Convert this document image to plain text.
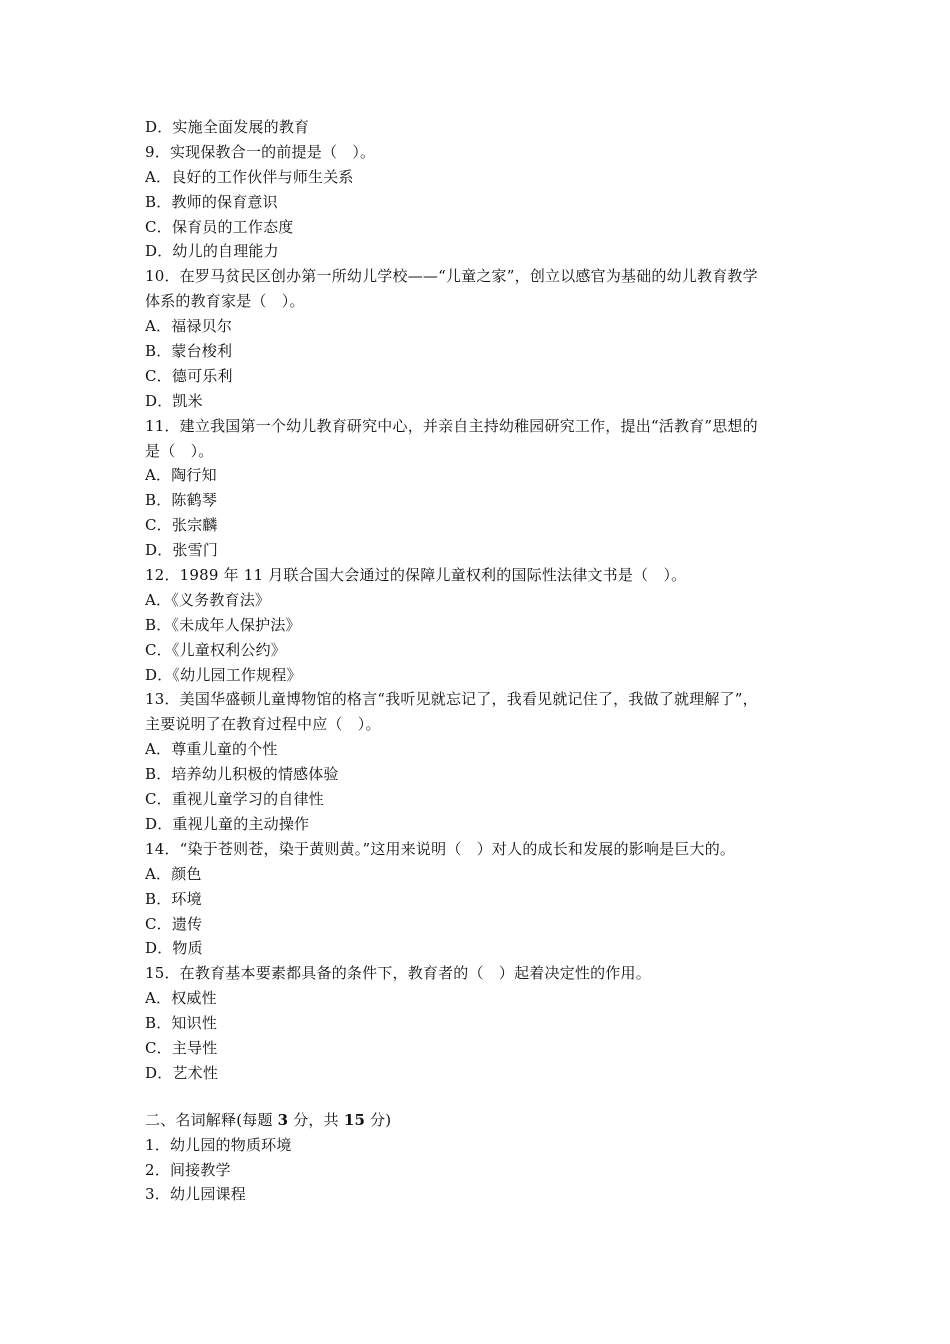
D．实施全面发展的教育
9．实现保教合一的前提是（　）。
A．良好的工作伙伴与师生关系
B．教师的保育意识
C．保育员的工作态度
D．幼儿的自理能力
10．在罗马贫民区创办第一所幼儿学校——“儿童之家”，创立以感官为基础的幼儿教育教学
体系的教育家是（　）。
A．福禄贝尔
B．蒙台梭利
C．德可乐利
D．凯米
11．建立我国第一个幼儿教育研究中心，并亲自主持幼稚园研究工作，提出“活教育”思想的
是（　）。
A．陶行知
B．陈鹤琴
C．张宗麟
D．张雪门
12．1989 年 11 月联合国大会通过的保障儿童权利的国际性法律文书是（　）。
A．《义务教育法》
B．《未成年人保护法》
C．《儿童权利公约》
D．《幼儿园工作规程》
13．美国华盛顿儿童博物馆的格言“我听见就忘记了，我看见就记住了，我做了就理解了”，
主要说明了在教育过程中应（　）。
A．尊重儿童的个性
B．培养幼儿积极的情感体验
C．重视儿童学习的自律性
D．重视儿童的主动操作
14．“染于苍则苍，染于黄则黄。”这用来说明（　）对人的成长和发展的影响是巨大的。
A．颜色
B．环境
C．遗传
D．物质
15．在教育基本要素都具备的条件下，教育者的（　）起着决定性的作用。
A．权威性
B．知识性
C．主导性
D．艺术性
二、名词解释(每题 3 分，共 15 分)
1．幼儿园的物质环境
2．间接教学
3．幼儿园课程
